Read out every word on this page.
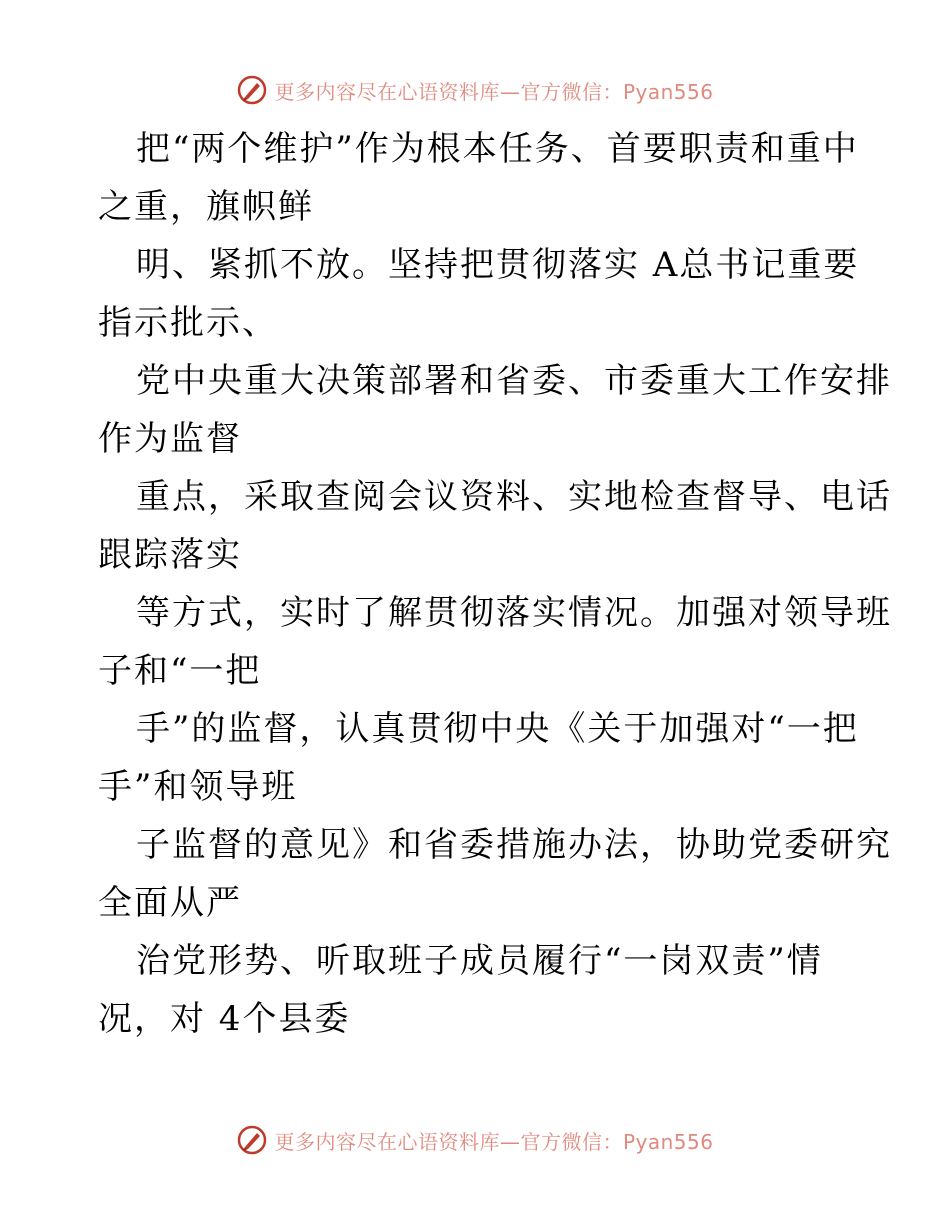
更多内容尽在心语资料库—官方微信：Pyan556
把“两个维护”作为根本任务、首要职责和重中
之重，旗帜鲜
明、紧抓不放。坚持把贯彻落实 A总书记重要
指示批示、
党中央重大决策部署和省委、市委重大工作安排
作为监督
重点，采取查阅会议资料、实地检查督导、电话
跟踪落实
等方式，实时了解贯彻落实情况。加强对领导班
子和“一把
手”的监督，认真贯彻中央《关于加强对“一把
手”和领导班
子监督的意见》和省委措施办法，协助党委研究
全面从严
治党形势、听取班子成员履行“一岗双责”情
况，对 4个县委
更多内容尽在心语资料库—官方微信：Pyan556
